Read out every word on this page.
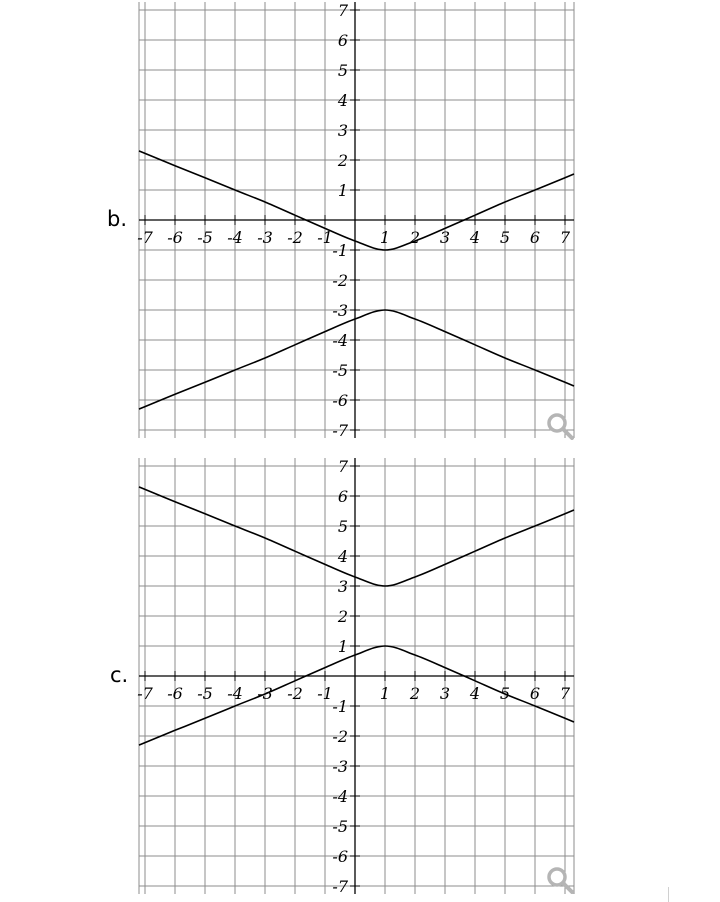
b.
-7 -6 -5 -4 -3 -2 -1	1 2 3 4 5 6 7
7
6
5
4
3
2
1
-1
-2
-3
-4
-5
-6
-7
c.
-7 -6 -5 -4 -3 -2 -1	1 2 3 4 5 6 7
7
6
5
4
3
2
1
-1
-2
-3
-4
-5
-6
-7
